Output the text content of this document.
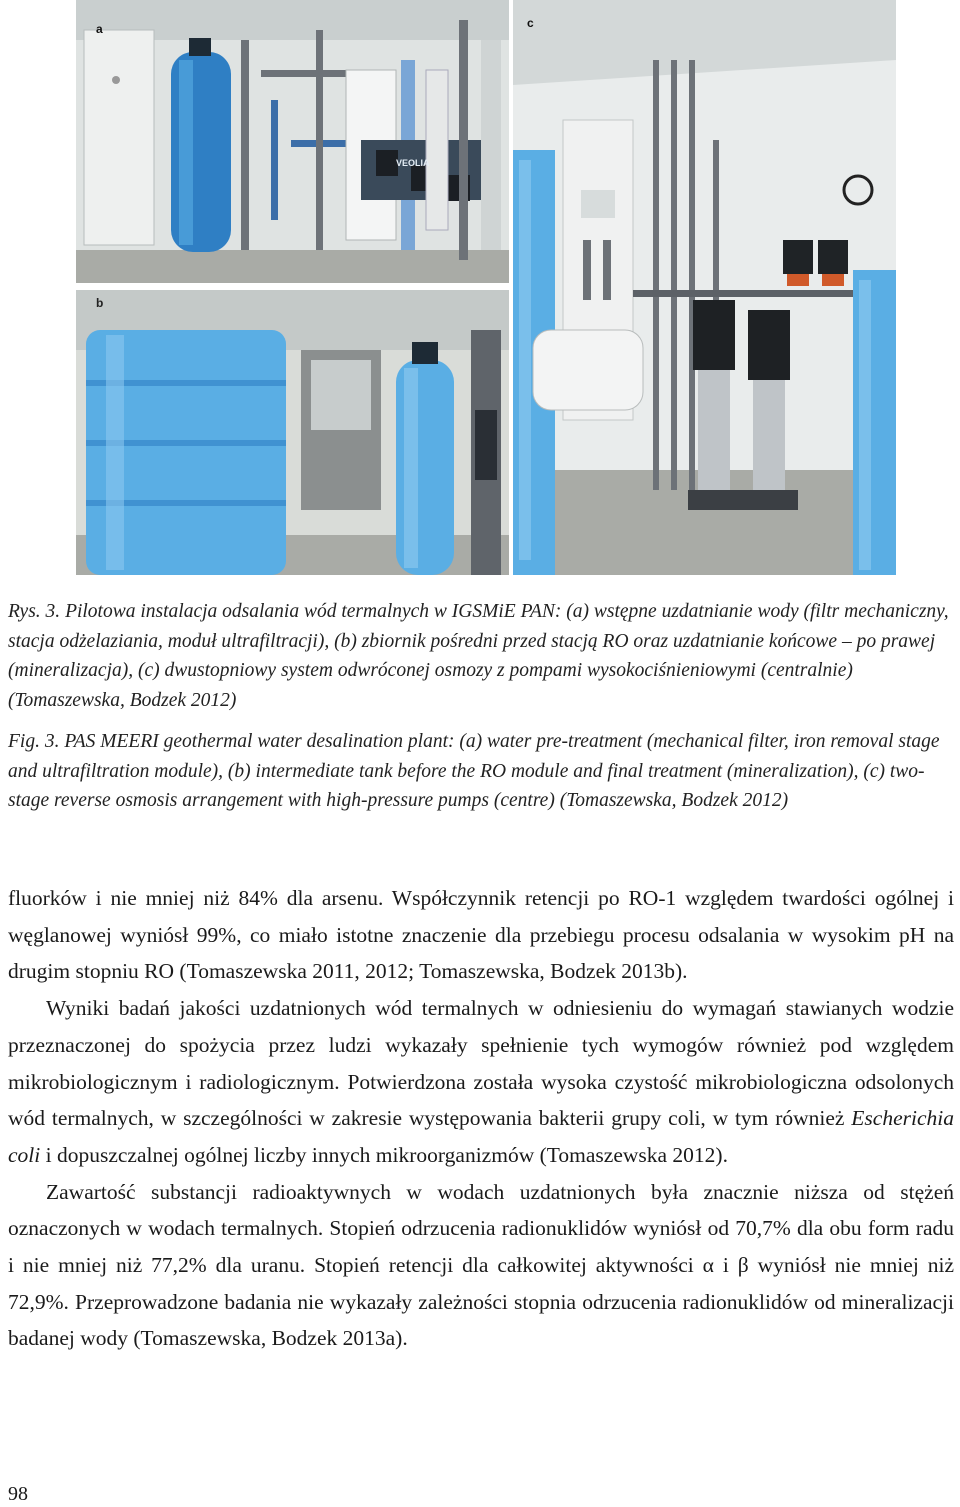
a
VEOLIA
b
c

Rys. 3. Pilotowa instalacja odsalania wód termalnych w IGSMiE PAN: (a) wstępne uzdatnianie wody (filtr mechaniczny, stacja odżelaziania, moduł ultrafiltracji), (b) zbiornik pośredni przed stacją RO oraz uzdatnianie końcowe – po prawej (mineralizacja), (c) dwustopniowy system odwróconej osmozy z pompami wysokociśnieniowymi (centralnie) (Tomaszewska, Bodzek 2012)

Fig. 3. PAS MEERI geothermal water desalination plant: (a) water pre-treatment (mechanical filter, iron removal stage and ultrafiltration module), (b) intermediate tank before the RO module and final treatment (mineralization), (c) two-stage reverse osmosis arrangement with high-pressure pumps (centre) (Tomaszewska, Bodzek 2012)

fluorków i nie mniej niż 84% dla arsenu. Współczynnik retencji po RO-1 względem twardości ogólnej i węglanowej wyniósł 99%, co miało istotne znaczenie dla przebiegu procesu odsalania w wysokim pH na drugim stopniu RO (Tomaszewska 2011, 2012; Tomaszewska, Bodzek 2013b).

Wyniki badań jakości uzdatnionych wód termalnych w odniesieniu do wymagań stawianych wodzie przeznaczonej do spożycia przez ludzi wykazały spełnienie tych wymogów również pod względem mikrobiologicznym i radiologicznym. Potwierdzona została wysoka czystość mikrobiologiczna odsolonych wód termalnych, w szczególności w zakresie występowania bakterii grupy coli, w tym również Escherichia coli i dopuszczalnej ogólnej liczby innych mikroorganizmów (Tomaszewska 2012).

Zawartość substancji radioaktywnych w wodach uzdatnionych była znacznie niższa od stężeń oznaczonych w wodach termalnych. Stopień odrzucenia radionuklidów wyniósł od 70,7% dla obu form radu i nie mniej niż 77,2% dla uranu. Stopień retencji dla całkowitej aktywności α i β wyniósł nie mniej niż 72,9%. Przeprowadzone badania nie wykazały zależności stopnia odrzucenia radionuklidów od mineralizacji badanej wody (Tomaszewska, Bodzek 2013a).

98
